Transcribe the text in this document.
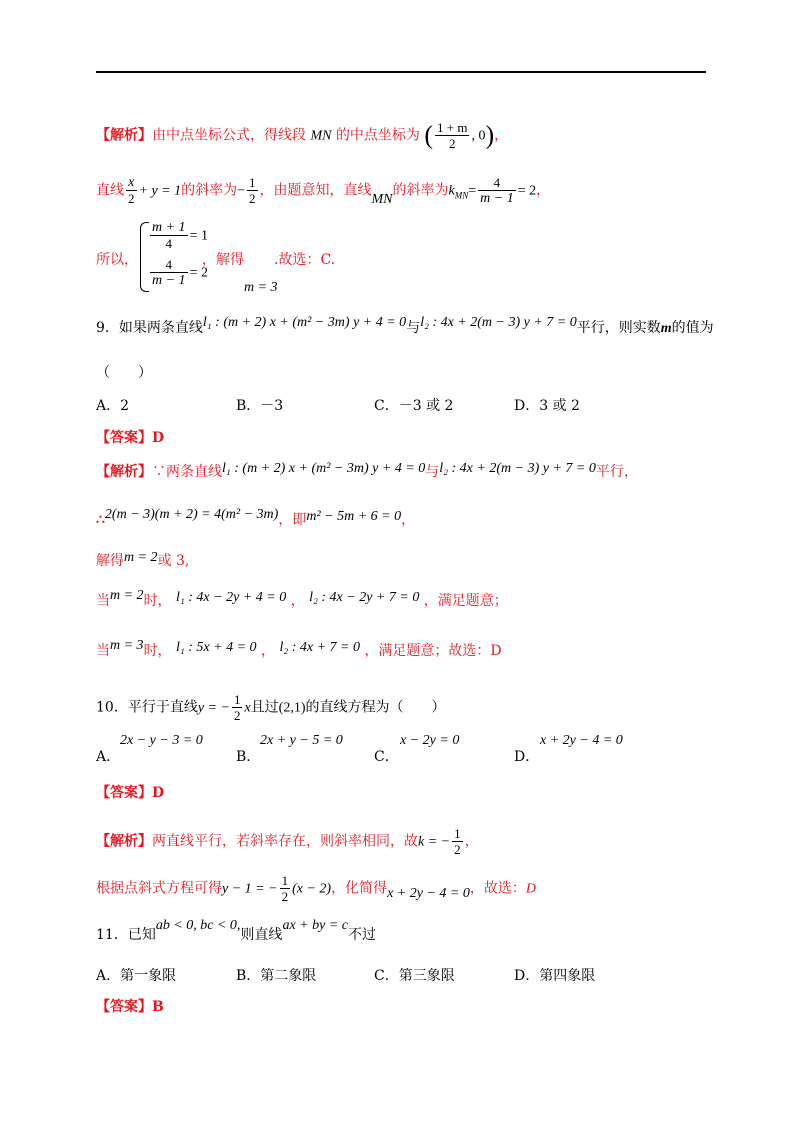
【解析】由中点坐标公式，得线段 MN 的中点坐标为 ( $\frac{1 + m}{2}$ , 0)，
直线 $\frac{x}{2} + y = 1$的斜率为− $\frac{1}{2}$ ，由题意知，直线MN的斜率为$k_{MN}= \frac{4}{m - 1} = 2$，
所以，
$\frac{m + 1}{4} = 1$
$\frac{4}{m - 1} = 2$
，解得 .故选：C.
m = 3
9．如果两条直线l₁ : (m + 2) x + (m² − 3m) y + 4 = 0与l₂ : 4x + 2(m − 3) y + 7 = 0平行，则实数m的值为
（　　）
A．2	B．－3	C．－3 或 2	D．3 或 2
【答案】D
【解析】∵两条直线l₁ : (m + 2) x + (m² − 3m) y + 4 = 0与l₂ : 4x + 2(m − 3) y + 7 = 0平行，
∴2(m − 3)(m + 2) = 4(m² − 3m)，即m² − 5m + 6 = 0，
解得m = 2或 3,
当m = 2时， l₁ : 4x − 2y + 4 = 0 ， l₂ : 4x − 2y + 7 = 0 ，满足题意；
当m = 3时， l₁ : 5x + 4 = 0 ， l₂ : 4x + 7 = 0 ，满足题意；故选：D
10．平行于直线y = − $\frac{1}{2}$ x且过(2,1)的直线方程为（　　）
A．
2x − y − 3 = 0
B．
2x + y − 5 = 0
C．
x − 2y = 0
D．
x + 2y − 4 = 0
【答案】D
【解析】两直线平行，若斜率存在，则斜率相同，故k = − $\frac{1}{2}$ ，
根据点斜式方程可得y − 1 = − $\frac{1}{2} (x - 2)$，化简得x + 2y − 4 = 0，故选：D
11．已知ab < 0, bc < 0,则直线ax + by = c不过
A．第一象限	B．第二象限	C．第三象限	D．第四象限
【答案】B
